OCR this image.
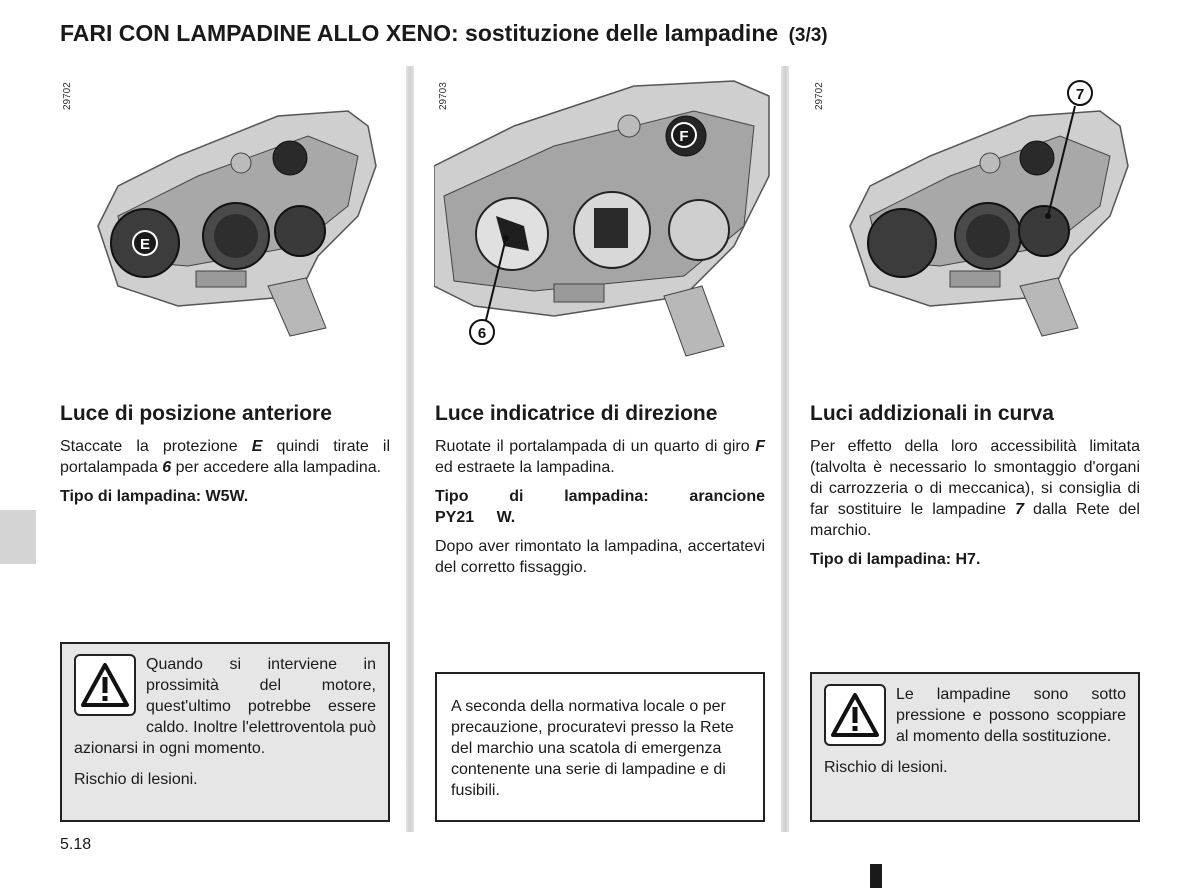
FARI CON LAMPADINE ALLO XENO: sostituzione delle lampadine (3/3)
E
29702
F
6
29703	7
29702
Luce di posizione anteriore

Staccate la protezione E quindi tirate il portalampada 6 per accedere alla lampadina.

Tipo di lampadina: W5W.

Quando si interviene in prossimità del motore, quest'ultimo potrebbe essere caldo. Inoltre l'elettroventola può azionarsi in ogni momento.

Rischio di lesioni.

Luce indicatrice di direzione

Ruotate il portalampada di un quarto di giro F ed estraete la lampadina.

Tipo di lampadina: arancione PY21 W.

Dopo aver rimontato la lampadina, accertatevi del corretto fissaggio.

A seconda della normativa locale o per precauzione, procuratevi presso la Rete del marchio una scatola di emergenza contenente una serie di lampadine e di fusibili.

Luci addizionali in curva

Per effetto della loro accessibilità limitata (talvolta è necessario lo smontaggio d'organi di carrozzeria o di meccanica), si consiglia di far sostituire le lampadine 7 dalla Rete del marchio.

Tipo di lampadina: H7.

Le lampadine sono sotto pressione e possono scoppiare al momento della sostituzione.

Rischio di lesioni.

5.18
